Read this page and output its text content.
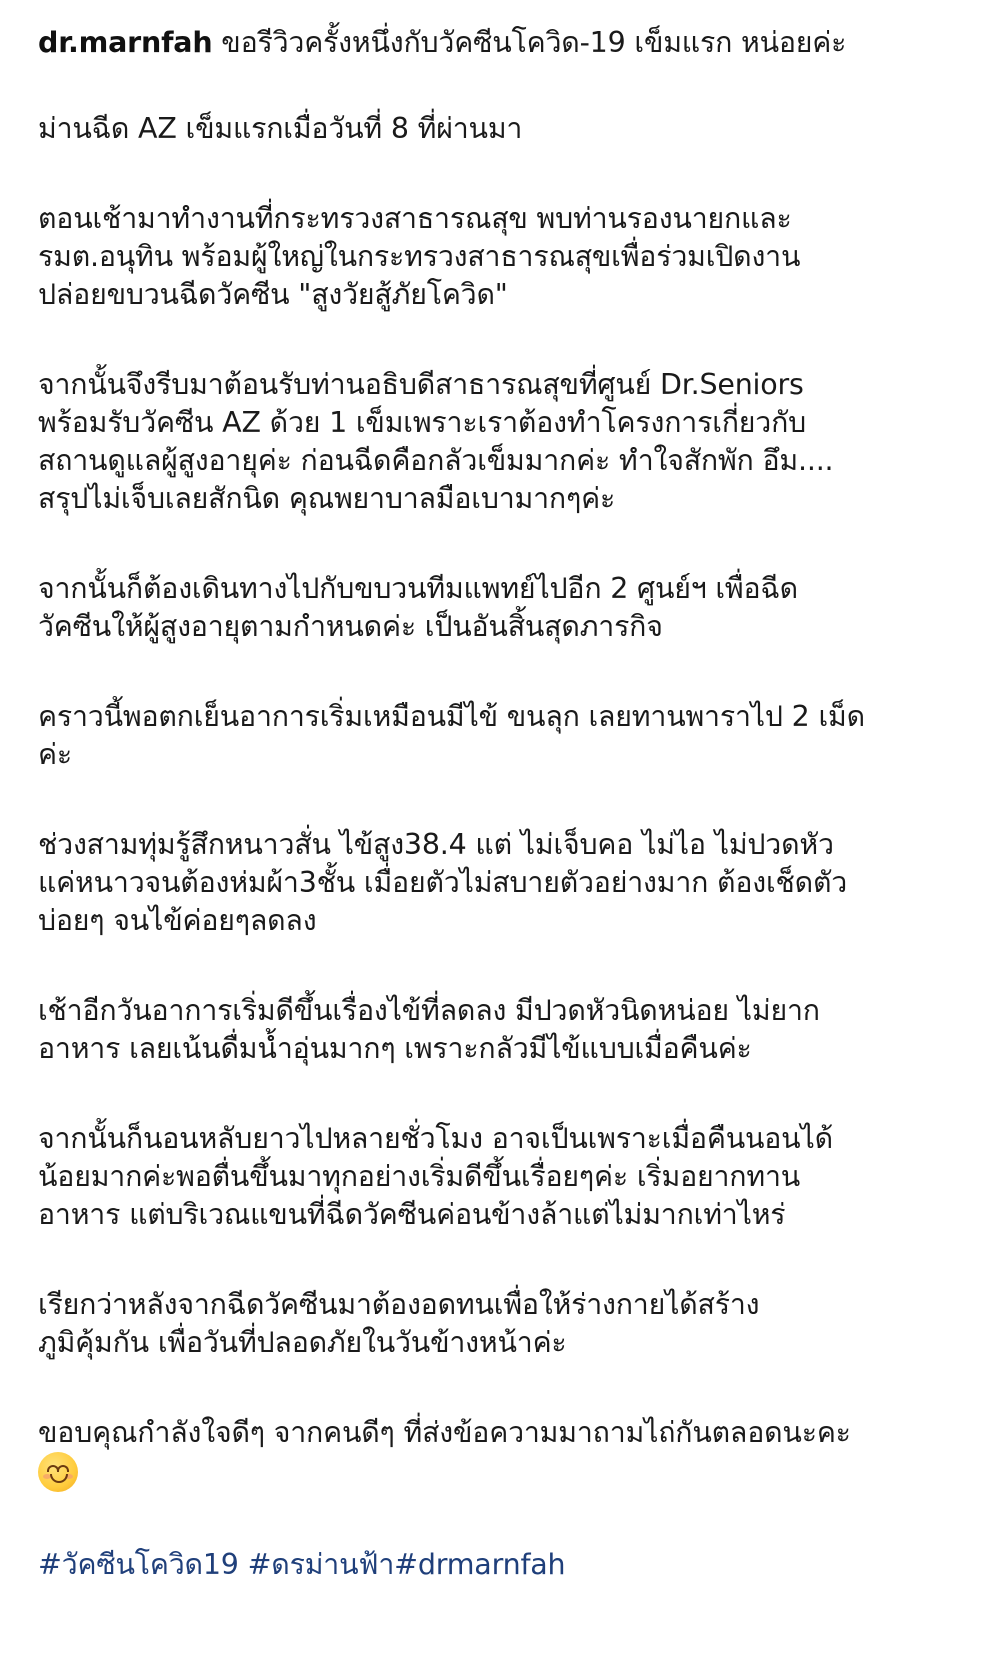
dr.marnfah ขอรีวิวครั้งหนึ่งกับวัคซีนโควิด-19 เข็มแรก หน่อยค่ะ

ม่านฉีด AZ เข็มแรกเมื่อวันที่ 8 ที่ผ่านมา

ตอนเช้ามาทำงานที่กระทรวงสาธารณสุข พบท่านรองนายกและ
รมต.อนุทิน พร้อมผู้ใหญ่ในกระทรวงสาธารณสุขเพื่อร่วมเปิดงาน
ปล่อยขบวนฉีดวัคซีน "สูงวัยสู้ภัยโควิด"

จากนั้นจึงรีบมาต้อนรับท่านอธิบดีสาธารณสุขที่ศูนย์ Dr.Seniors
พร้อมรับวัคซีน AZ ด้วย 1 เข็มเพราะเราต้องทำโครงการเกี่ยวกับ
สถานดูแลผู้สูงอายุค่ะ ก่อนฉีดคือกลัวเข็มมากค่ะ ทำใจสักพัก อึม....
สรุปไม่เจ็บเลยสักนิด คุณพยาบาลมือเบามากๆค่ะ

จากนั้นก็ต้องเดินทางไปกับขบวนทีมแพทย์ไปอีก 2 ศูนย์ฯ เพื่อฉีด
วัคซีนให้ผู้สูงอายุตามกำหนดค่ะ เป็นอันสิ้นสุดภารกิจ

คราวนี้พอตกเย็นอาการเริ่มเหมือนมีไข้ ขนลุก เลยทานพาราไป 2 เม็ด
ค่ะ

ช่วงสามทุ่มรู้สึกหนาวสั่น ไข้สูง38.4 แต่ ไม่เจ็บคอ ไม่ไอ ไม่ปวดหัว
แค่หนาวจนต้องห่มผ้า3ชั้น เมื่อยตัวไม่สบายตัวอย่างมาก ต้องเช็ดตัว
บ่อยๆ จนไข้ค่อยๆลดลง

เช้าอีกวันอาการเริ่มดีขึ้นเรื่องไข้ที่ลดลง มีปวดหัวนิดหน่อย ไม่ยาก
อาหาร เลยเน้นดื่มน้ำอุ่นมากๆ เพราะกลัวมีไข้แบบเมื่อคืนค่ะ

จากนั้นก็นอนหลับยาวไปหลายชั่วโมง อาจเป็นเพราะเมื่อคืนนอนได้
น้อยมากค่ะพอตื่นขึ้นมาทุกอย่างเริ่มดีขึ้นเรื่อยๆค่ะ เริ่มอยากทาน
อาหาร แต่บริเวณแขนที่ฉีดวัคซีนค่อนข้างล้าแต่ไม่มากเท่าไหร่

เรียกว่าหลังจากฉีดวัคซีนมาต้องอดทนเพื่อให้ร่างกายได้สร้าง
ภูมิคุ้มกัน เพื่อวันที่ปลอดภัยในวันข้างหน้าค่ะ

ขอบคุณกำลังใจดีๆ จากคนดีๆ ที่ส่งข้อความมาถามไถ่กันตลอดนะคะ

#วัคซีนโควิด19 #ดรม่านฟ้า#drmarnfah
